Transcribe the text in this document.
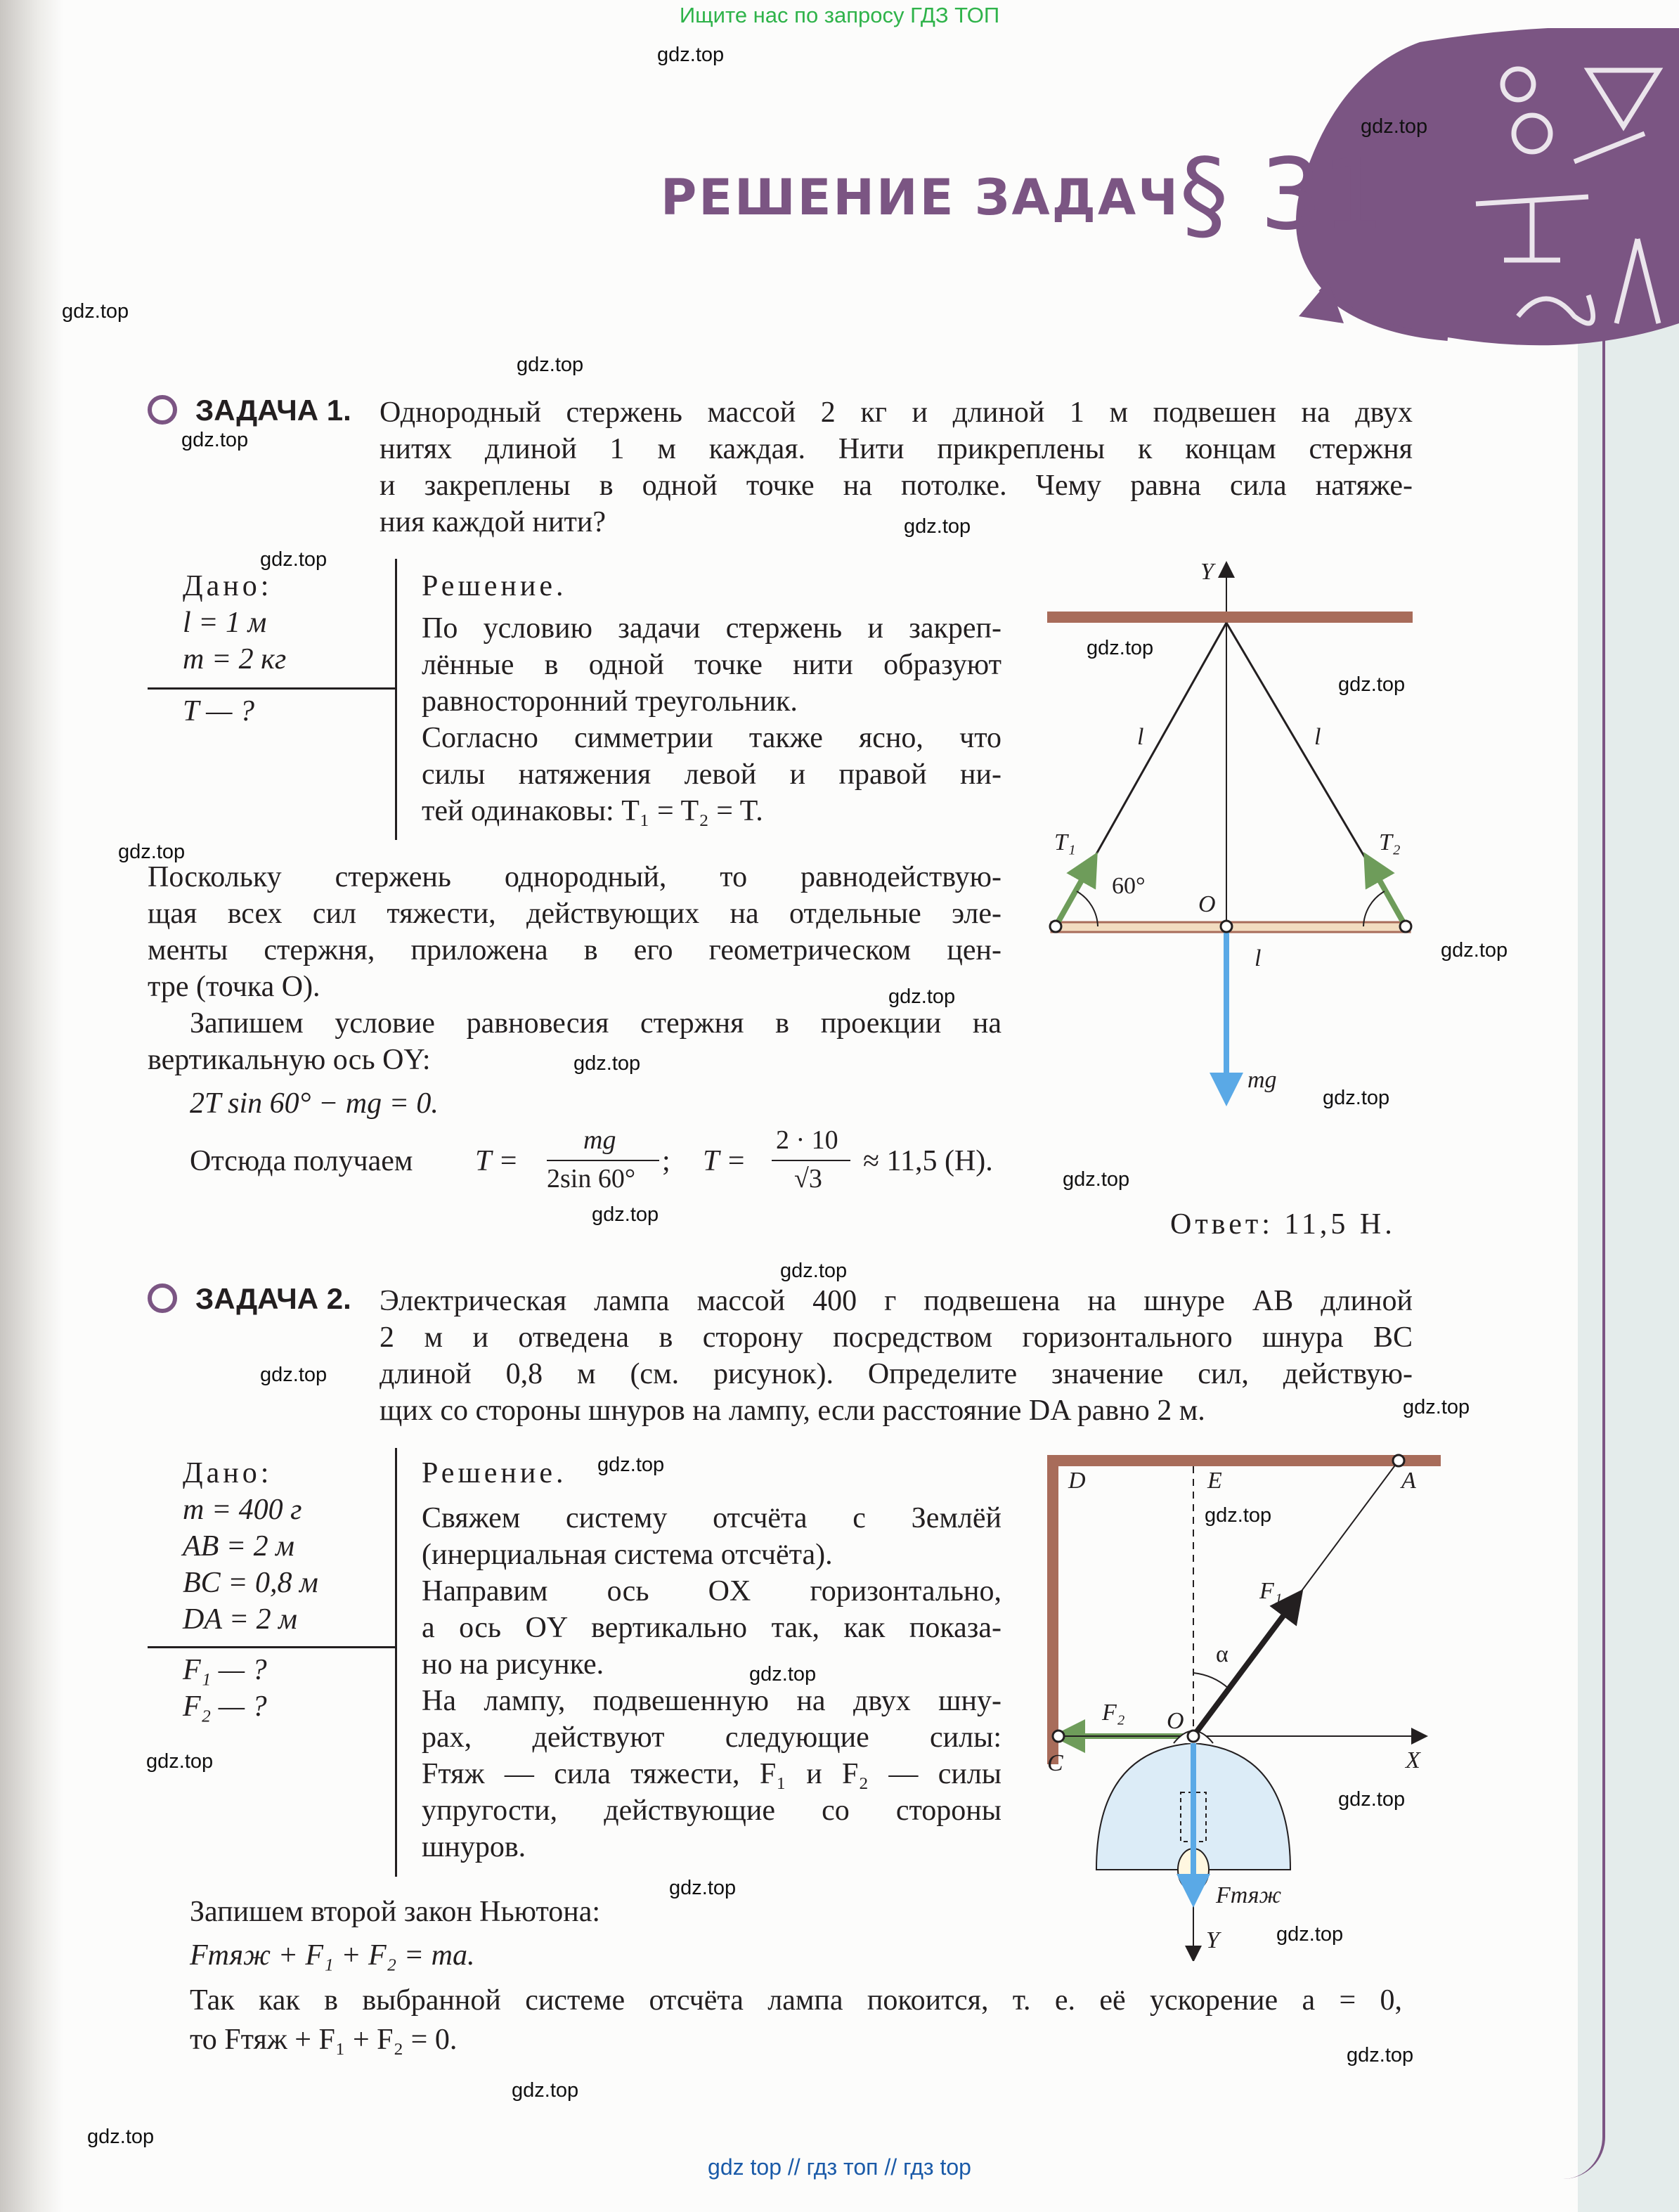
Ищите нас по запросу ГДЗ ТОП
РЕШЕНИЕ ЗАДАЧ § 31
ЗАДАЧА 1. Однородный стержень массой 2 кг и длиной 1 м подвешен на двух
нитях длиной 1 м каждая. Нити прикреплены к концам стержня
и закреплены в одной точке на потолке. Чему равна сила натяже-
ния каждой нити?
Дано:
l = 1 м
m = 2 кг
T — ?
Решение.
По условию задачи стержень и закреп-
лённые в одной точке нити образуют
равносторонний треугольник.
Согласно симметрии также ясно, что
силы натяжения левой и правой ни-
тей одинаковы: T₁ = T₂ = T.
Поскольку стержень однородный, то равнодействую-
щая всех сил тяжести, действующих на отдельные эле-
менты стержня, приложена в его геометрическом цен-
тре (точка O).
Запишем условие равновесия стержня в проекции на
вертикальную ось OY:
2T sin 60° − mg = 0.
Отсюда получаем T =
mg
2sin 60°
; T =
2 · 10
√3
≈ 11,5 (Н).
Ответ: 11,5 Н.
Y
l	l
T₁	T₂
60°
O
l
mg
ЗАДАЧА 2. Электрическая лампа массой 400 г подвешена на шнуре AB длиной
2 м и отведена в сторону посредством горизонтального шнура BC
длиной 0,8 м (см. рисунок). Определите значение сил, действую-
щих со стороны шнуров на лампу, если расстояние DA равно 2 м.
Дано:
m = 400 г
AB = 2 м
BC = 0,8 м
DA = 2 м
F₁ — ?
F₂ — ?
Решение.
Свяжем систему отсчёта с Землёй
(инерциальная система отсчёта).
Направим ось OX горизонтально,
а ось OY вертикально так, как показа-
но на рисунке.
На лампу, подвешенную на двух шну-
рах, действуют следующие силы:
Fтяж — сила тяжести, F₁ и F₂ — силы
упругости, действующие со стороны
шнуров.
Запишем второй закон Ньютона:
Fтяж + F₁ + F₂ = ma.
Так как в выбранной системе отсчёта лампа покоится, т. е. её ускорение a = 0,
то Fтяж + F₁ + F₂ = 0.
D	E	A
F₁
α
F₂ O
X
C
Fтяж
Y
gdz.top
gdz.top
gdz.top
gdz.top
gdz.top
gdz.top
gdz.top
gdz.top
gdz.top
gdz.top
gdz.top
gdz.top
gdz.top
gdz.top
gdz.top
gdz.top
gdz.top
gdz.top
gdz.top
gdz.top
gdz.top
gdz.top
gdz.top
gdz.top
gdz.top
gdz.top
gdz.top
gdz.top
gdz.top
gdz top // гдз топ // гдз top
